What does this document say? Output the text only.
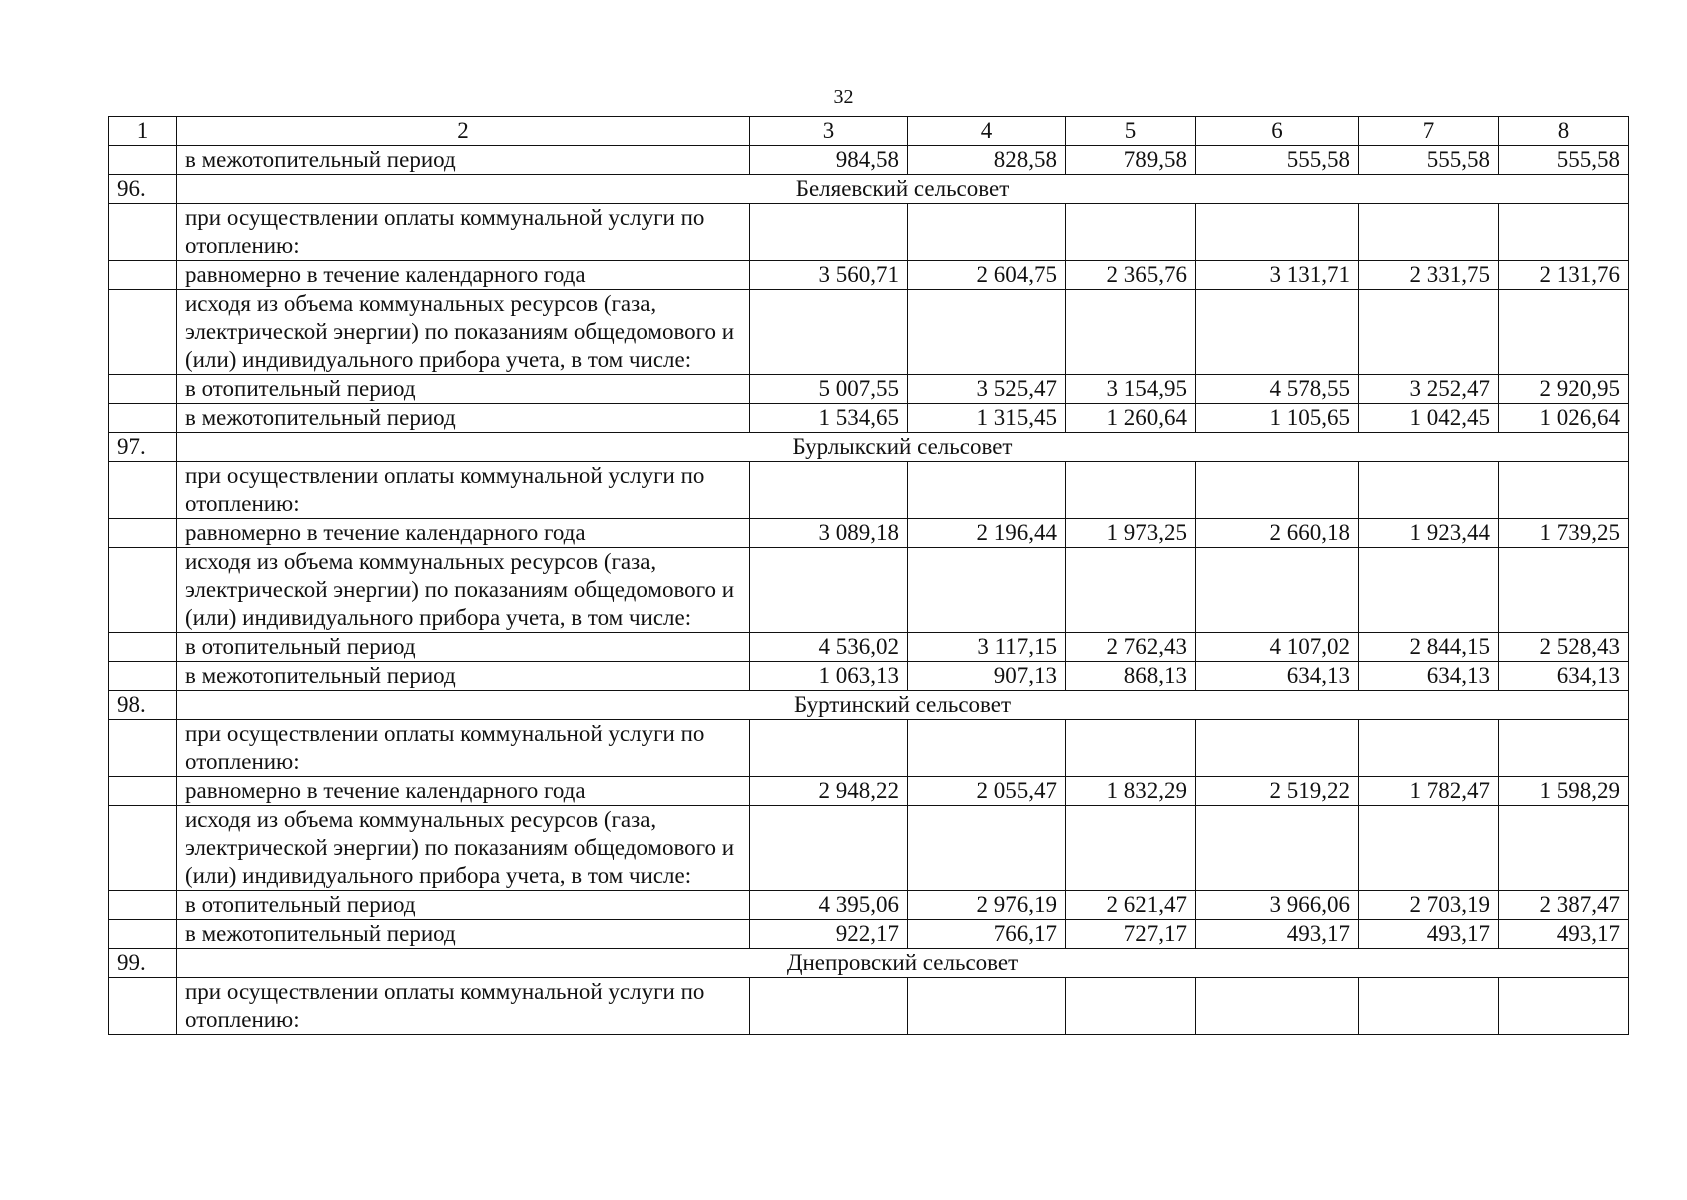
32
1	2	3	4	5	6	7	8
	в межотопительный период	984,58	828,58	789,58	555,58	555,58	555,58
96.	Беляевский сельсовет						
	при осуществлении оплаты коммунальной услуги по отоплению:						
	равномерно в течение календарного года	3 560,71	2 604,75	2 365,76	3 131,71	2 331,75	2 131,76
	исходя из объема коммунальных ресурсов (газа, электрической энергии) по показаниям общедомового и (или) индивидуального прибора учета, в том числе:						
	в отопительный период	5 007,55	3 525,47	3 154,95	4 578,55	3 252,47	2 920,95
	в межотопительный период	1 534,65	1 315,45	1 260,64	1 105,65	1 042,45	1 026,64
97.	Бурлыкский сельсовет						
	при осуществлении оплаты коммунальной услуги по отоплению:						
	равномерно в течение календарного года	3 089,18	2 196,44	1 973,25	2 660,18	1 923,44	1 739,25
	исходя из объема коммунальных ресурсов (газа, электрической энергии) по показаниям общедомового и (или) индивидуального прибора учета, в том числе:						
	в отопительный период	4 536,02	3 117,15	2 762,43	4 107,02	2 844,15	2 528,43
	в межотопительный период	1 063,13	907,13	868,13	634,13	634,13	634,13
98.	Буртинский сельсовет						
	при осуществлении оплаты коммунальной услуги по отоплению:						
	равномерно в течение календарного года	2 948,22	2 055,47	1 832,29	2 519,22	1 782,47	1 598,29
	исходя из объема коммунальных ресурсов (газа, электрической энергии) по показаниям общедомового и (или) индивидуального прибора учета, в том числе:						
	в отопительный период	4 395,06	2 976,19	2 621,47	3 966,06	2 703,19	2 387,47
	в межотопительный период	922,17	766,17	727,17	493,17	493,17	493,17
99.	Днепровский сельсовет						
	при осуществлении оплаты коммунальной услуги по отоплению:						
